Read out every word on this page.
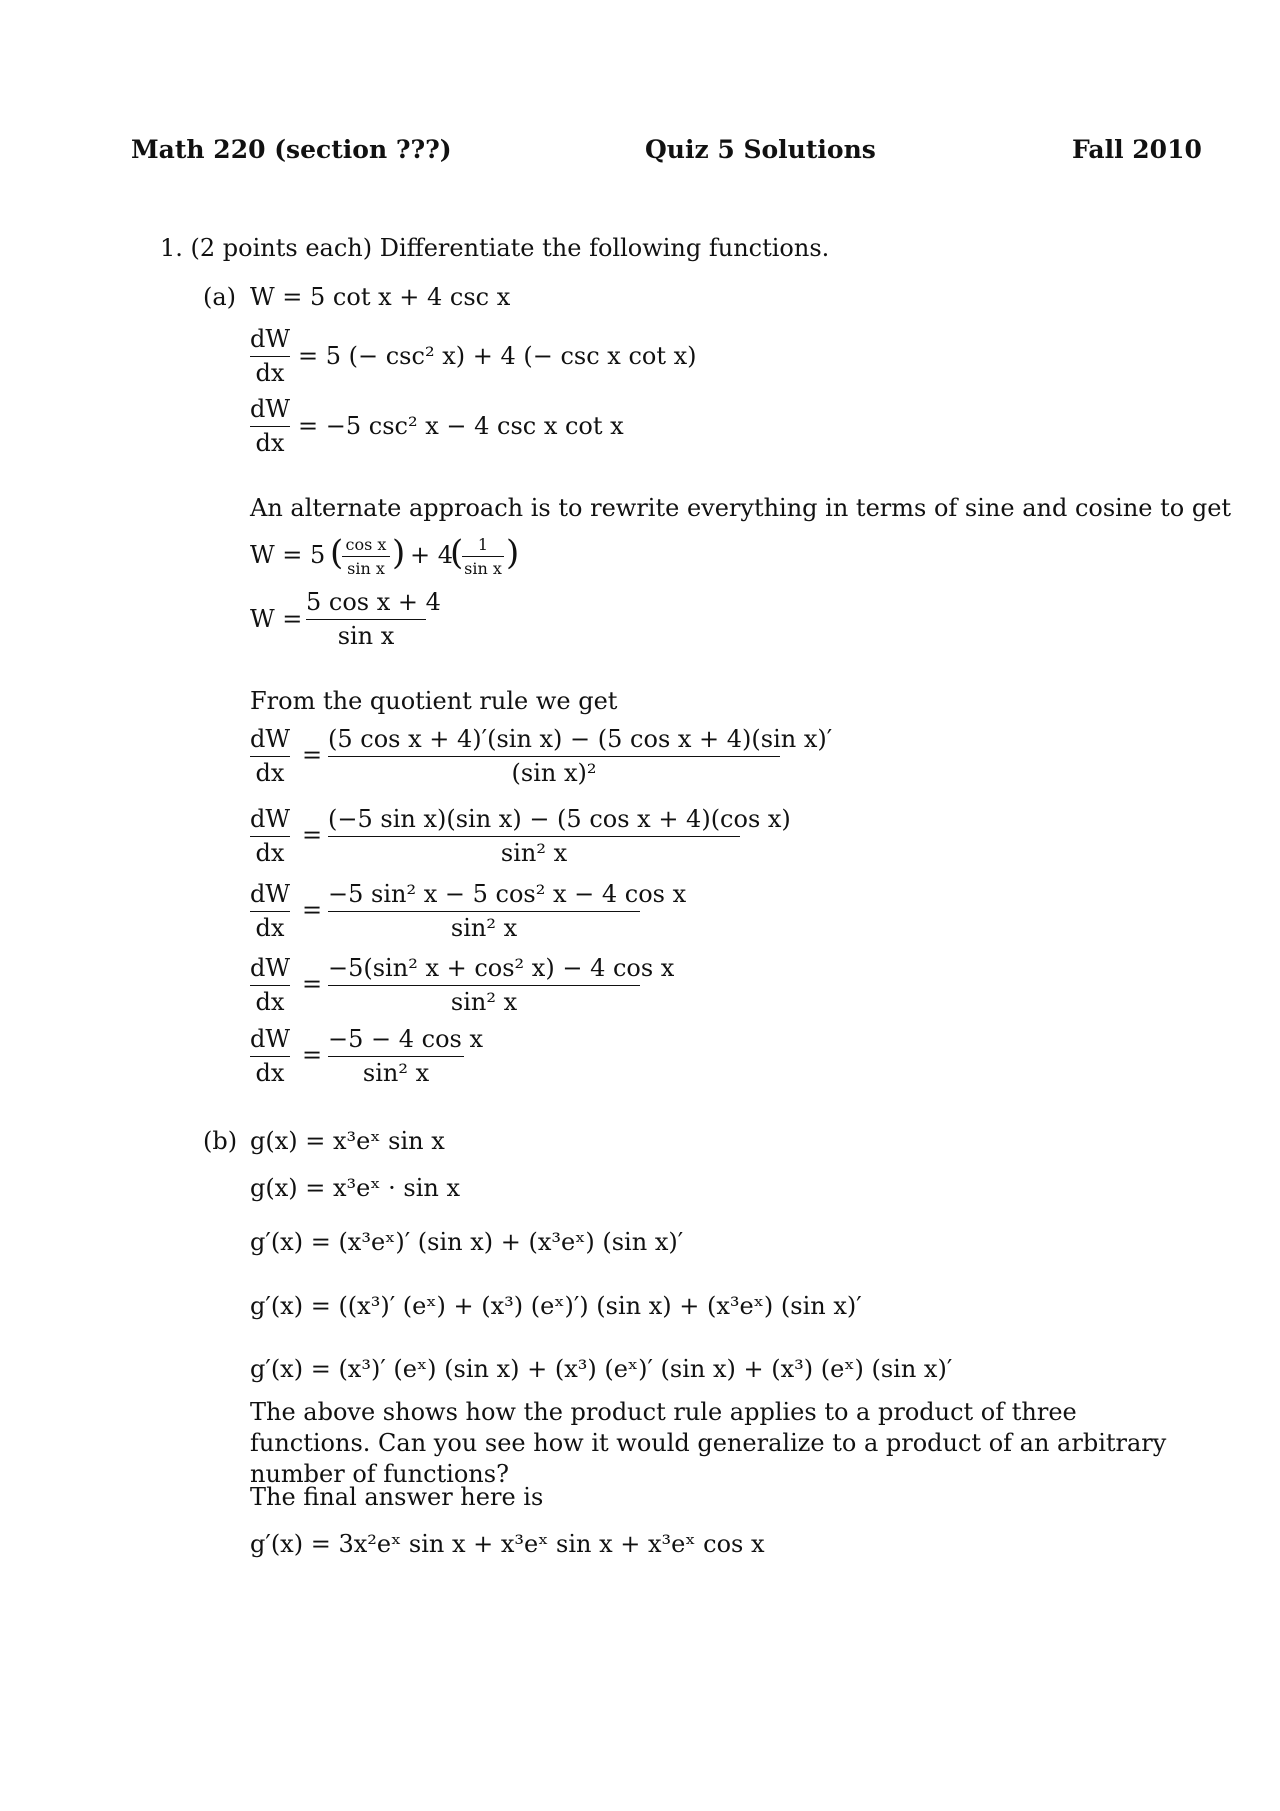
Math 220 (section ???)	Quiz 5 Solutions	Fall 2010
1. (2 points each) Differentiate the following functions.
(a) W = 5 cot x + 4 csc x
dW
dx
= 5 (− csc² x) + 4 (− csc x cot x)
dW
dx
= −5 csc² x − 4 csc x cot x
An alternate approach is to rewrite everything in terms of sine and cosine to get
W = 5 ( cos x
sin x ) + 4
( 1
sin x )
W =
5 cos x + 4
sin x
From the quotient rule we get
dW
dx
=
(5 cos x + 4)′(sin x) − (5 cos x + 4)(sin x)′
(sin x)²
dW
dx
=
(−5 sin x)(sin x) − (5 cos x + 4)(cos x)
sin² x
dW
dx
=
−5 sin² x − 5 cos² x − 4 cos x
sin² x
dW
dx
=
−5(sin² x + cos² x) − 4 cos x
sin² x
dW
dx
=
−5 − 4 cos x
sin² x
(b) g(x) = x³eˣ sin x
g(x) = x³eˣ · sin x
g′(x) = (x³eˣ)′ (sin x) + (x³eˣ) (sin x)′
g′(x) = ((x³)′ (eˣ) + (x³) (eˣ)′) (sin x) + (x³eˣ) (sin x)′
g′(x) = (x³)′ (eˣ) (sin x) + (x³) (eˣ)′ (sin x) + (x³) (eˣ) (sin x)′
The above shows how the product rule applies to a product of three functions. Can you see how it would generalize to a product of an arbitrary number of functions?
The final answer here is
g′(x) = 3x²eˣ sin x + x³eˣ sin x + x³eˣ cos x
